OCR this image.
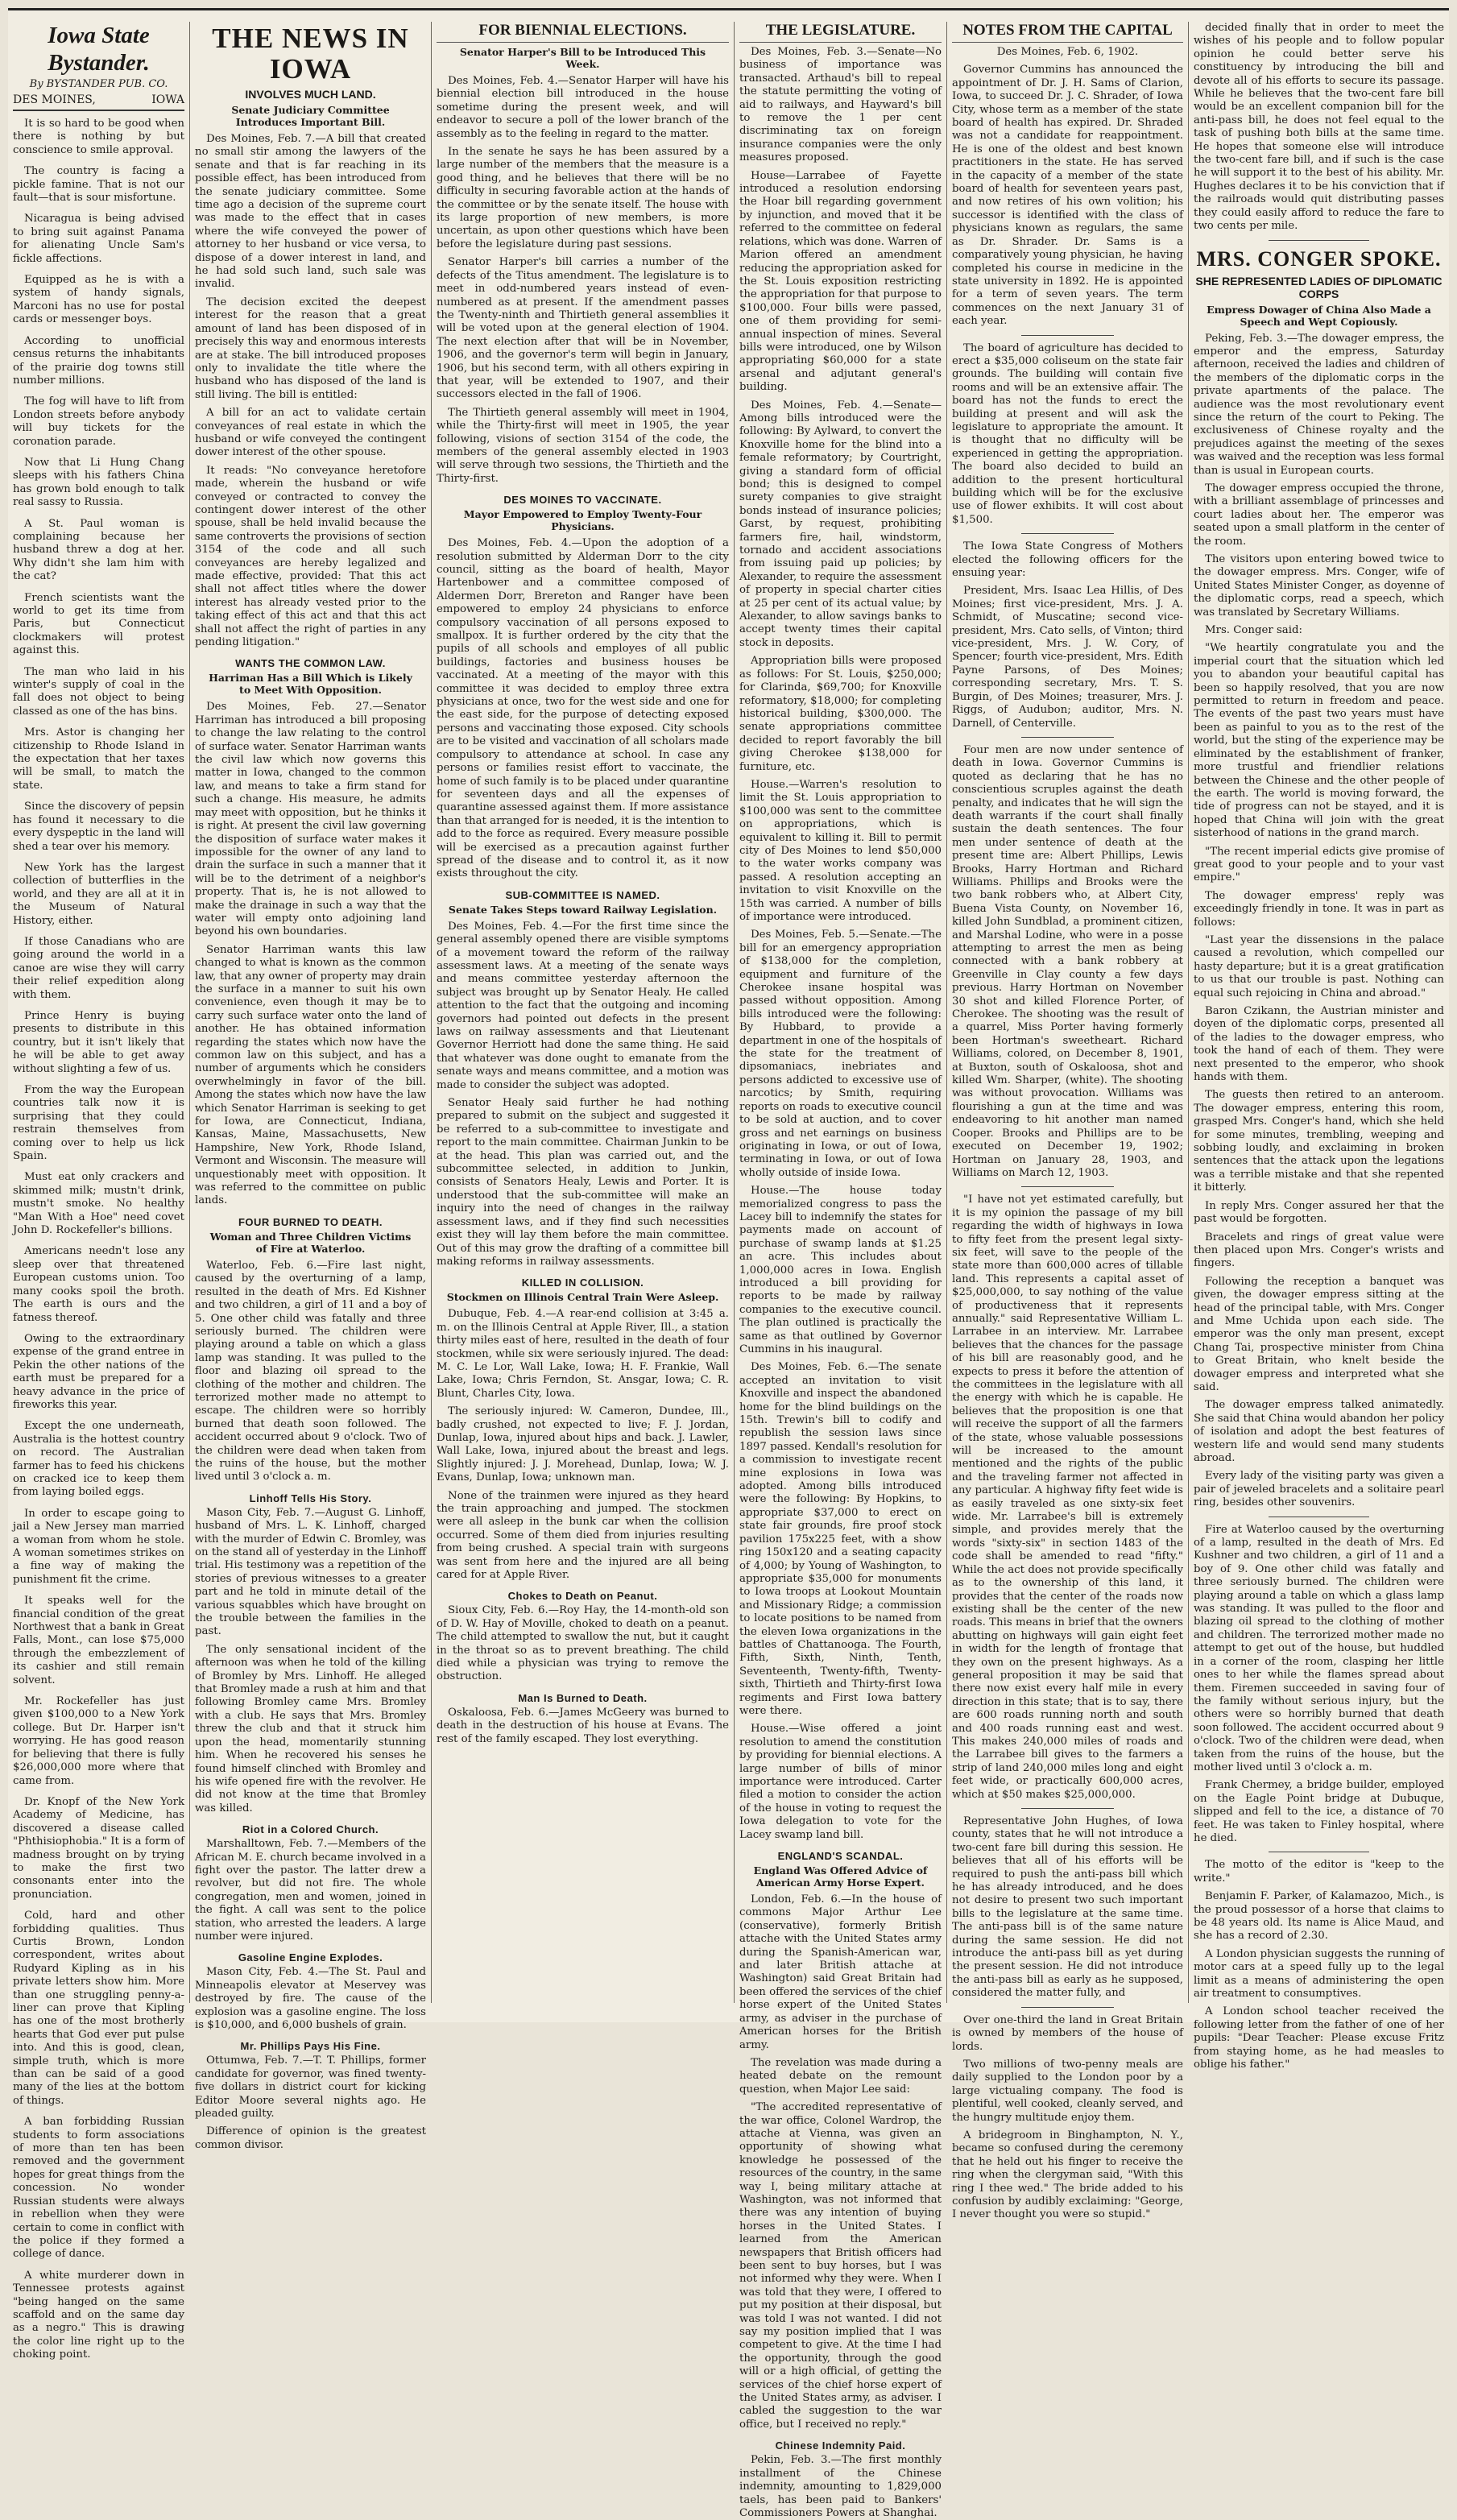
Iowa State Bystander.
By BYSTANDER PUB. CO.
DES MOINES,	IOWA

It is so hard to be good when there is nothing by but conscience to smile approval.

The country is facing a pickle famine. That is not our fault—that is sour misfortune.

Nicaragua is being advised to bring suit against Panama for alienating Uncle Sam's fickle affections.

Equipped as he is with a system of handy signals, Marconi has no use for postal cards or messenger boys.

According to unofficial census returns the inhabitants of the prairie dog towns still number millions.

The fog will have to lift from London streets before anybody will buy tickets for the coronation parade.

Now that Li Hung Chang sleeps with his fathers China has grown bold enough to talk real sassy to Russia.

A St. Paul woman is complaining because her husband threw a dog at her. Why didn't she lam him with the cat?

French scientists want the world to get its time from Paris, but Connecticut clockmakers will protest against this.

The man who laid in his winter's supply of coal in the fall does not object to being classed as one of the has bins.

Mrs. Astor is changing her citizenship to Rhode Island in the expectation that her taxes will be small, to match the state.

Since the discovery of pepsin has found it necessary to die every dyspeptic in the land will shed a tear over his memory.

New York has the largest collection of butterflies in the world, and they are all at it in the Museum of Natural History, either.

If those Canadians who are going around the world in a canoe are wise they will carry their relief expedition along with them.

Prince Henry is buying presents to distribute in this country, but it isn't likely that he will be able to get away without slighting a few of us.

From the way the European countries talk now it is surprising that they could restrain themselves from coming over to help us lick Spain.

Must eat only crackers and skimmed milk; mustn't drink, mustn't smoke. No healthy "Man With a Hoe" need covet John D. Rockefeller's billions.

Americans needn't lose any sleep over that threatened European customs union. Too many cooks spoil the broth. The earth is ours and the fatness thereof.

Owing to the extraordinary expense of the grand entree in Pekin the other nations of the earth must be prepared for a heavy advance in the price of fireworks this year.

Except the one underneath, Australia is the hottest country on record. The Australian farmer has to feed his chickens on cracked ice to keep them from laying boiled eggs.

In order to escape going to jail a New Jersey man married a woman from whom he stole. A woman sometimes strikes on a fine way of making the punishment fit the crime.

It speaks well for the financial condition of the great Northwest that a bank in Great Falls, Mont., can lose $75,000 through the embezzlement of its cashier and still remain solvent.

Mr. Rockefeller has just given $100,000 to a New York college. But Dr. Harper isn't worrying. He has good reason for believing that there is fully $26,000,000 more where that came from.

Dr. Knopf of the New York Academy of Medicine, has discovered a disease called "Phthisiophobia." It is a form of madness brought on by trying to make the first two consonants enter into the pronunciation.

Cold, hard and other forbidding qualities. Thus Curtis Brown, London correspondent, writes about Rudyard Kipling as in his private letters show him. More than one struggling penny-a-liner can prove that Kipling has one of the most brotherly hearts that God ever put pulse into. And this is good, clean, simple truth, which is more than can be said of a good many of the lies at the bottom of things.

A ban forbidding Russian students to form associations of more than ten has been removed and the government hopes for great things from the concession. No wonder Russian students were always in rebellion when they were certain to come in conflict with the police if they formed a college of dance.

A white murderer down in Tennessee protests against "being hanged on the same scaffold and on the same day as a negro." This is drawing the color line right up to the choking point.

THE NEWS IN IOWA
INVOLVES MUCH LAND.
Senate Judiciary Committee Introduces Important Bill.

Des Moines, Feb. 7.—A bill that created no small stir among the lawyers of the senate and that is far reaching in its possible effect, has been introduced from the senate judiciary committee. Some time ago a decision of the supreme court was made to the effect that in cases where the wife conveyed the power of attorney to her husband or vice versa, to dispose of a dower interest in land, and he had sold such land, such sale was invalid.

The decision excited the deepest interest for the reason that a great amount of land has been disposed of in precisely this way and enormous interests are at stake. The bill introduced proposes only to invalidate the title where the husband who has disposed of the land is still living. The bill is entitled:

A bill for an act to validate certain conveyances of real estate in which the husband or wife conveyed the contingent dower interest of the other spouse.

It reads: "No conveyance heretofore made, wherein the husband or wife conveyed or contracted to convey the contingent dower interest of the other spouse, shall be held invalid because the same controverts the provisions of section 3154 of the code and all such conveyances are hereby legalized and made effective, provided: That this act shall not affect titles where the dower interest has already vested prior to the taking effect of this act and that this act shall not affect the right of parties in any pending litigation."

WANTS THE COMMON LAW.
Harriman Has a Bill Which is Likely to Meet With Opposition.

Des Moines, Feb. 27.—Senator Harriman has introduced a bill proposing to change the law relating to the control of surface water. Senator Harriman wants the civil law which now governs this matter in Iowa, changed to the common law, and means to take a firm stand for such a change. His measure, he admits may meet with opposition, but he thinks it is right. At present the civil law governing the disposition of surface water makes it impossible for the owner of any land to drain the surface in such a manner that it will be to the detriment of a neighbor's property. That is, he is not allowed to make the drainage in such a way that the water will empty onto adjoining land beyond his own boundaries.

Senator Harriman wants this law changed to what is known as the common law, that any owner of property may drain the surface in a manner to suit his own convenience, even though it may be to carry such surface water onto the land of another. He has obtained information regarding the states which now have the common law on this subject, and has a number of arguments which he considers overwhelmingly in favor of the bill. Among the states which now have the law which Senator Harriman is seeking to get for Iowa, are Connecticut, Indiana, Kansas, Maine, Massachusetts, New Hampshire, New York, Rhode Island, Vermont and Wisconsin. The measure will unquestionably meet with opposition. It was referred to the committee on public lands.

FOUR BURNED TO DEATH.
Woman and Three Children Victims of Fire at Waterloo.

Waterloo, Feb. 6.—Fire last night, caused by the overturning of a lamp, resulted in the death of Mrs. Ed Kishner and two children, a girl of 11 and a boy of 5. One other child was fatally and three seriously burned. The children were playing around a table on which a glass lamp was standing. It was pulled to the floor and blazing oil spread to the clothing of the mother and children. The terrorized mother made no attempt to escape. The children were so horribly burned that death soon followed. The accident occurred about 9 o'clock. Two of the children were dead when taken from the ruins of the house, but the mother lived until 3 o'clock a. m.

Linhoff Tells His Story.

Mason City, Feb. 7.—August G. Linhoff, husband of Mrs. L. K. Linhoff, charged with the murder of Edwin C. Bromley, was on the stand all of yesterday in the Linhoff trial. His testimony was a repetition of the stories of previous witnesses to a greater part and he told in minute detail of the various squabbles which have brought on the trouble between the families in the past.

The only sensational incident of the afternoon was when he told of the killing of Bromley by Mrs. Linhoff. He alleged that Bromley made a rush at him and that following Bromley came Mrs. Bromley with a club. He says that Mrs. Bromley threw the club and that it struck him upon the head, momentarily stunning him. When he recovered his senses he found himself clinched with Bromley and his wife opened fire with the revolver. He did not know at the time that Bromley was killed.

Riot in a Colored Church.

Marshalltown, Feb. 7.—Members of the African M. E. church became involved in a fight over the pastor. The latter drew a revolver, but did not fire. The whole congregation, men and women, joined in the fight. A call was sent to the police station, who arrested the leaders. A large number were injured.

Gasoline Engine Explodes.

Mason City, Feb. 4.—The St. Paul and Minneapolis elevator at Meservey was destroyed by fire. The cause of the explosion was a gasoline engine. The loss is $10,000, and 6,000 bushels of grain.

Mr. Phillips Pays His Fine.

Ottumwa, Feb. 7.—T. T. Phillips, former candidate for governor, was fined twenty-five dollars in district court for kicking Editor Moore several nights ago. He pleaded guilty.

Difference of opinion is the greatest common divisor.

FOR BIENNIAL ELECTIONS.
Senator Harper's Bill to be Introduced This Week.

Des Moines, Feb. 4.—Senator Harper will have his biennial election bill introduced in the house sometime during the present week, and will endeavor to secure a poll of the lower branch of the assembly as to the feeling in regard to the matter.

In the senate he says he has been assured by a large number of the members that the measure is a good thing, and he believes that there will be no difficulty in securing favorable action at the hands of the committee or by the senate itself. The house with its large proportion of new members, is more uncertain, as upon other questions which have been before the legislature during past sessions.

Senator Harper's bill carries a number of the defects of the Titus amendment. The legislature is to meet in odd-numbered years instead of even-numbered as at present. If the amendment passes the Twenty-ninth and Thirtieth general assemblies it will be voted upon at the general election of 1904. The next election after that will be in November, 1906, and the governor's term will begin in January, 1906, but his second term, with all others expiring in that year, will be extended to 1907, and their successors elected in the fall of 1906.

The Thirtieth general assembly will meet in 1904, while the Thirty-first will meet in 1905, the year following, visions of section 3154 of the code, the members of the general assembly elected in 1903 will serve through two sessions, the Thirtieth and the Thirty-first.

DES MOINES TO VACCINATE.
Mayor Empowered to Employ Twenty-Four Physicians.

Des Moines, Feb. 4.—Upon the adoption of a resolution submitted by Alderman Dorr to the city council, sitting as the board of health, Mayor Hartenbower and a committee composed of Aldermen Dorr, Brereton and Ranger have been empowered to employ 24 physicians to enforce compulsory vaccination of all persons exposed to smallpox. It is further ordered by the city that the pupils of all schools and employes of all public buildings, factories and business houses be vaccinated. At a meeting of the mayor with this committee it was decided to employ three extra physicians at once, two for the west side and one for the east side, for the purpose of detecting exposed persons and vaccinating those exposed. City schools are to be visited and vaccination of all scholars made compulsory to attendance at school. In case any persons or families resist effort to vaccinate, the home of such family is to be placed under quarantine for seventeen days and all the expenses of quarantine assessed against them. If more assistance than that arranged for is needed, it is the intention to add to the force as required. Every measure possible will be exercised as a precaution against further spread of the disease and to control it, as it now exists throughout the city.

SUB-COMMITTEE IS NAMED.
Senate Takes Steps toward Railway Legislation.

Des Moines, Feb. 4.—For the first time since the general assembly opened there are visible symptoms of a movement toward the reform of the railway assessment laws. At a meeting of the senate ways and means committee yesterday afternoon the subject was brought up by Senator Healy. He called attention to the fact that the outgoing and incoming governors had pointed out defects in the present laws on railway assessments and that Lieutenant Governor Herriott had done the same thing. He said that whatever was done ought to emanate from the senate ways and means committee, and a motion was made to consider the subject was adopted.

Senator Healy said further he had nothing prepared to submit on the subject and suggested it be referred to a sub-committee to investigate and report to the main committee. Chairman Junkin to be at the head. This plan was carried out, and the subcommittee selected, in addition to Junkin, consists of Senators Healy, Lewis and Porter. It is understood that the sub-committee will make an inquiry into the need of changes in the railway assessment laws, and if they find such necessities exist they will lay them before the main committee. Out of this may grow the drafting of a committee bill making reforms in railway assessments.

KILLED IN COLLISION.
Stockmen on Illinois Central Train Were Asleep.

Dubuque, Feb. 4.—A rear-end collision at 3:45 a. m. on the Illinois Central at Apple River, Ill., a station thirty miles east of here, resulted in the death of four stockmen, while six were seriously injured. The dead: M. C. Le Lor, Wall Lake, Iowa; H. F. Frankie, Wall Lake, Iowa; Chris Ferndon, St. Ansgar, Iowa; C. R. Blunt, Charles City, Iowa.

The seriously injured: W. Cameron, Dundee, Ill., badly crushed, not expected to live; F. J. Jordan, Dunlap, Iowa, injured about hips and back. J. Lawler, Wall Lake, Iowa, injured about the breast and legs. Slightly injured: J. J. Morehead, Dunlap, Iowa; W. J. Evans, Dunlap, Iowa; unknown man.

None of the trainmen were injured as they heard the train approaching and jumped. The stockmen were all asleep in the bunk car when the collision occurred. Some of them died from injuries resulting from being crushed. A special train with surgeons was sent from here and the injured are all being cared for at Apple River.

Chokes to Death on Peanut.

Sioux City, Feb. 6.—Roy Hay, the 14-month-old son of D. W. Hay of Moville, choked to death on a peanut. The child attempted to swallow the nut, but it caught in the throat so as to prevent breathing. The child died while a physician was trying to remove the obstruction.

Man Is Burned to Death.

Oskaloosa, Feb. 6.—James McGeery was burned to death in the destruction of his house at Evans. The rest of the family escaped. They lost everything.

THE LEGISLATURE.

Des Moines, Feb. 3.—Senate—No business of importance was transacted. Arthaud's bill to repeal the statute permitting the voting of aid to railways, and Hayward's bill to remove the 1 per cent discriminating tax on foreign insurance companies were the only measures proposed.

House—Larrabee of Fayette introduced a resolution endorsing the Hoar bill regarding government by injunction, and moved that it be referred to the committee on federal relations, which was done. Warren of Marion offered an amendment reducing the appropriation asked for the St. Louis exposition restricting the appropriation for that purpose to $100,000. Four bills were passed, one of them providing for semi-annual inspection of mines. Several bills were introduced, one by Wilson appropriating $60,000 for a state arsenal and adjutant general's building.

Des Moines, Feb. 4.—Senate—Among bills introduced were the following: By Aylward, to convert the Knoxville home for the blind into a female reformatory; by Courtright, giving a standard form of official bond; this is designed to compel surety companies to give straight bonds instead of insurance policies; Garst, by request, prohibiting farmers fire, hail, windstorm, tornado and accident associations from issuing paid up policies; by Alexander, to require the assessment of property in special charter cities at 25 per cent of its actual value; by Alexander, to allow savings banks to accept twenty times their capital stock in deposits.

Appropriation bills were proposed as follows: For St. Louis, $250,000; for Clarinda, $69,700; for Knoxville reformatory, $18,000; for completing historical building, $300,000. The senate appropriations committee decided to report favorably the bill giving Cherokee $138,000 for furniture, etc.

House.—Warren's resolution to limit the St. Louis appropriation to $100,000 was sent to the committee on appropriations, which is equivalent to killing it. Bill to permit city of Des Moines to lend $50,000 to the water works company was passed. A resolution accepting an invitation to visit Knoxville on the 15th was carried. A number of bills of importance were introduced.

Des Moines, Feb. 5.—Senate.—The bill for an emergency appropriation of $138,000 for the completion, equipment and furniture of the Cherokee insane hospital was passed without opposition. Among bills introduced were the following: By Hubbard, to provide a department in one of the hospitals of the state for the treatment of dipsomaniacs, inebriates and persons addicted to excessive use of narcotics; by Smith, requiring reports on roads to executive council to be sold at auction, and to cover gross and net earnings on business originating in Iowa, or out of Iowa, terminating in Iowa, or out of Iowa wholly outside of inside Iowa.

House.—The house today memorialized congress to pass the Lacey bill to indemnify the states for payments made on account of purchase of swamp lands at $1.25 an acre. This includes about 1,000,000 acres in Iowa. English introduced a bill providing for reports to be made by railway companies to the executive council. The plan outlined is practically the same as that outlined by Governor Cummins in his inaugural.

Des Moines, Feb. 6.—The senate accepted an invitation to visit Knoxville and inspect the abandoned home for the blind buildings on the 15th. Trewin's bill to codify and republish the session laws since 1897 passed. Kendall's resolution for a commission to investigate recent mine explosions in Iowa was adopted. Among bills introduced were the following: By Hopkins, to appropriate $37,000 to erect on state fair grounds, fire proof stock pavilion 175x225 feet, with a show ring 150x120 and a seating capacity of 4,000; by Young of Washington, to appropriate $35,000 for monuments to Iowa troops at Lookout Mountain and Missionary Ridge; a commission to locate positions to be named from the eleven Iowa organizations in the battles of Chattanooga. The Fourth, Fifth, Sixth, Ninth, Tenth, Seventeenth, Twenty-fifth, Twenty-sixth, Thirtieth and Thirty-first Iowa regiments and First Iowa battery were there.

House.—Wise offered a joint resolution to amend the constitution by providing for biennial elections. A large number of bills of minor importance were introduced. Carter filed a motion to consider the action of the house in voting to request the Iowa delegation to vote for the Lacey swamp land bill.

ENGLAND'S SCANDAL.
England Was Offered Advice of American Army Horse Expert.

London, Feb. 6.—In the house of commons Major Arthur Lee (conservative), formerly British attache with the United States army during the Spanish-American war, and later British attache at Washington) said Great Britain had been offered the services of the chief horse expert of the United States army, as adviser in the purchase of American horses for the British army.

The revelation was made during a heated debate on the remount question, when Major Lee said:

"The accredited representative of the war office, Colonel Wardrop, the attache at Vienna, was given an opportunity of showing what knowledge he possessed of the resources of the country, in the same way I, being military attache at Washington, was not informed that there was any intention of buying horses in the United States. I learned from the American newspapers that British officers had been sent to buy horses, but I was not informed why they were. When I was told that they were, I offered to put my position at their disposal, but was told I was not wanted. I did not say my position implied that I was competent to give. At the time I had the opportunity, through the good will or a high official, of getting the services of the chief horse expert of the United States army, as adviser. I cabled the suggestion to the war office, but I received no reply."

Chinese Indemnity Paid.

Pekin, Feb. 3.—The first monthly installment of the Chinese indemnity, amounting to 1,829,000 taels, has been paid to Bankers' Commissioners Powers at Shanghai.

NOTES FROM THE CAPITAL

Des Moines, Feb. 6, 1902.

Governor Cummins has announced the appointment of Dr. J. H. Sams of Clarion, Iowa, to succeed Dr. J. C. Shrader, of Iowa City, whose term as a member of the state board of health has expired. Dr. Shraded was not a candidate for reappointment. He is one of the oldest and best known practitioners in the state. He has served in the capacity of a member of the state board of health for seventeen years past, and now retires of his own volition; his successor is identified with the class of physicians known as regulars, the same as Dr. Shrader. Dr. Sams is a comparatively young physician, he having completed his course in medicine in the state university in 1892. He is appointed for a term of seven years. The term commences on the next January 31 of each year.

The board of agriculture has decided to erect a $35,000 coliseum on the state fair grounds. The building will contain five rooms and will be an extensive affair. The board has not the funds to erect the building at present and will ask the legislature to appropriate the amount. It is thought that no difficulty will be experienced in getting the appropriation. The board also decided to build an addition to the present horticultural building which will be for the exclusive use of flower exhibits. It will cost about $1,500.

The Iowa State Congress of Mothers elected the following officers for the ensuing year:

President, Mrs. Isaac Lea Hillis, of Des Moines; first vice-president, Mrs. J. A. Schmidt, of Muscatine; second vice-president, Mrs. Cato sells, of Vinton; third vice-president, Mrs. J. W. Cory, of Spencer; fourth vice-president, Mrs. Edith Payne Parsons, of Des Moines; corresponding secretary, Mrs. T. S. Burgin, of Des Moines; treasurer, Mrs. J. Riggs, of Audubon; auditor, Mrs. N. Darnell, of Centerville.

Four men are now under sentence of death in Iowa. Governor Cummins is quoted as declaring that he has no conscientious scruples against the death penalty, and indicates that he will sign the death warrants if the court shall finally sustain the death sentences. The four men under sentence of death at the present time are: Albert Phillips, Lewis Brooks, Harry Hortman and Richard Williams. Phillips and Brooks were the two bank robbers who, at Albert City, Buena Vista County, on November 16, killed John Sundblad, a prominent citizen, and Marshal Lodine, who were in a posse attempting to arrest the men as being connected with a bank robbery at Greenville in Clay county a few days previous. Harry Hortman on November 30 shot and killed Florence Porter, of Cherokee. The shooting was the result of a quarrel, Miss Porter having formerly been Hortman's sweetheart. Richard Williams, colored, on December 8, 1901, at Buxton, south of Oskaloosa, shot and killed Wm. Sharper, (white). The shooting was without provocation. Williams was flourishing a gun at the time and was endeavoring to hit another man named Cooper. Brooks and Phillips are to be executed on December 19, 1902; Hortman on January 28, 1903, and Williams on March 12, 1903.

"I have not yet estimated carefully, but it is my opinion the passage of my bill regarding the width of highways in Iowa to fifty feet from the present legal sixty-six feet, will save to the people of the state more than 600,000 acres of tillable land. This represents a capital asset of $25,000,000, to say nothing of the value of productiveness that it represents annually." said Representative William L. Larrabee in an interview. Mr. Larrabee believes that the chances for the passage of his bill are reasonably good, and he expects to press it before the attention of the committees in the legislature with all the energy with which he is capable. He believes that the proposition is one that will receive the support of all the farmers of the state, whose valuable possessions will be increased to the amount mentioned and the rights of the public and the traveling farmer not affected in any particular. A highway fifty feet wide is as easily traveled as one sixty-six feet wide. Mr. Larrabee's bill is extremely simple, and provides merely that the words "sixty-six" in section 1483 of the code shall be amended to read "fifty." While the act does not provide specifically as to the ownership of this land, it provides that the center of the roads now existing shall be the center of the new roads. This means in brief that the owners abutting on highways will gain eight feet in width for the length of frontage that they own on the present highways. As a general proposition it may be said that there now exist every half mile in every direction in this state; that is to say, there are 600 roads running north and south and 400 roads running east and west. This makes 240,000 miles of roads and the Larrabee bill gives to the farmers a strip of land 240,000 miles long and eight feet wide, or practically 600,000 acres, which at $50 makes $25,000,000.

Representative John Hughes, of Iowa county, states that he will not introduce a two-cent fare bill during this session. He believes that all of his efforts will be required to push the anti-pass bill which he has already introduced, and he does not desire to present two such important bills to the legislature at the same time. The anti-pass bill is of the same nature during the same session. He did not introduce the anti-pass bill as yet during the present session. He did not introduce the anti-pass bill as early as he supposed, considered the matter fully, and

Over one-third the land in Great Britain is owned by members of the house of lords.

Two millions of two-penny meals are daily supplied to the London poor by a large victualing company. The food is plentiful, well cooked, cleanly served, and the hungry multitude enjoy them.

A bridegroom in Binghampton, N. Y., became so confused during the ceremony that he held out his finger to receive the ring when the clergyman said, "With this ring I thee wed." The bride added to his confusion by audibly exclaiming: "George, I never thought you were so stupid."

decided finally that in order to meet the wishes of his people and to follow popular opinion he could better serve his constituency by introducing the bill and devote all of his efforts to secure its passage. While he believes that the two-cent fare bill would be an excellent companion bill for the anti-pass bill, he does not feel equal to the task of pushing both bills at the same time. He hopes that someone else will introduce the two-cent fare bill, and if such is the case he will support it to the best of his ability. Mr. Hughes declares it to be his conviction that if the railroads would quit distributing passes they could easily afford to reduce the fare to two cents per mile.

MRS. CONGER SPOKE.
SHE REPRESENTED LADIES OF DIPLOMATIC CORPS
Empress Dowager of China Also Made a Speech and Wept Copiously.

Peking, Feb. 3.—The dowager empress, the emperor and the empress, Saturday afternoon, received the ladies and children of the members of the diplomatic corps in the private apartments of the palace. The audience was the most revolutionary event since the return of the court to Peking. The exclusiveness of Chinese royalty and the prejudices against the meeting of the sexes was waived and the reception was less formal than is usual in European courts.

The dowager empress occupied the throne, with a brilliant assemblage of princesses and court ladies about her. The emperor was seated upon a small platform in the center of the room.

The visitors upon entering bowed twice to the dowager empress. Mrs. Conger, wife of United States Minister Conger, as doyenne of the diplomatic corps, read a speech, which was translated by Secretary Williams.

Mrs. Conger said:

"We heartily congratulate you and the imperial court that the situation which led you to abandon your beautiful capital has been so happily resolved, that you are now permitted to return in freedom and peace. The events of the past two years must have been as painful to you as to the rest of the world, but the sting of the experience may be eliminated by the establishment of franker, more trustful and friendlier relations between the Chinese and the other people of the earth. The world is moving forward, the tide of progress can not be stayed, and it is hoped that China will join with the great sisterhood of nations in the grand march.

"The recent imperial edicts give promise of great good to your people and to your vast empire."

The dowager empress' reply was exceedingly friendly in tone. It was in part as follows:

"Last year the dissensions in the palace caused a revolution, which compelled our hasty departure; but it is a great gratification to us that our trouble is past. Nothing can equal such rejoicing in China and abroad."

Baron Czikann, the Austrian minister and doyen of the diplomatic corps, presented all of the ladies to the dowager empress, who took the hand of each of them. They were next presented to the emperor, who shook hands with them.

The guests then retired to an anteroom. The dowager empress, entering this room, grasped Mrs. Conger's hand, which she held for some minutes, trembling, weeping and sobbing loudly, and exclaiming in broken sentences that the attack upon the legations was a terrible mistake and that she repented it bitterly.

In reply Mrs. Conger assured her that the past would be forgotten.

Bracelets and rings of great value were then placed upon Mrs. Conger's wrists and fingers.

Following the reception a banquet was given, the dowager empress sitting at the head of the principal table, with Mrs. Conger and Mme Uchida upon each side. The emperor was the only man present, except Chang Tai, prospective minister from China to Great Britain, who knelt beside the dowager empress and interpreted what she said.

The dowager empress talked animatedly. She said that China would abandon her policy of isolation and adopt the best features of western life and would send many students abroad.

Every lady of the visiting party was given a pair of jeweled bracelets and a solitaire pearl ring, besides other souvenirs.

Fire at Waterloo caused by the overturning of a lamp, resulted in the death of Mrs. Ed Kushner and two children, a girl of 11 and a boy of 9. One other child was fatally and three seriously burned. The children were playing around a table on which a glass lamp was standing. It was pulled to the floor and blazing oil spread to the clothing of mother and children. The terrorized mother made no attempt to get out of the house, but huddled in a corner of the room, clasping her little ones to her while the flames spread about them. Firemen succeeded in saving four of the family without serious injury, but the others were so horribly burned that death soon followed. The accident occurred about 9 o'clock. Two of the children were dead, when taken from the ruins of the house, but the mother lived until 3 o'clock a. m.

Frank Chermey, a bridge builder, employed on the Eagle Point bridge at Dubuque, slipped and fell to the ice, a distance of 70 feet. He was taken to Finley hospital, where he died.

The motto of the editor is "keep to the write."

Benjamin F. Parker, of Kalamazoo, Mich., is the proud possessor of a horse that claims to be 48 years old. Its name is Alice Maud, and she has a record of 2.30.

A London physician suggests the running of motor cars at a speed fully up to the legal limit as a means of administering the open air treatment to consumptives.

A London school teacher received the following letter from the father of one of her pupils: "Dear Teacher: Please excuse Fritz from staying home, as he had measles to oblige his father."
